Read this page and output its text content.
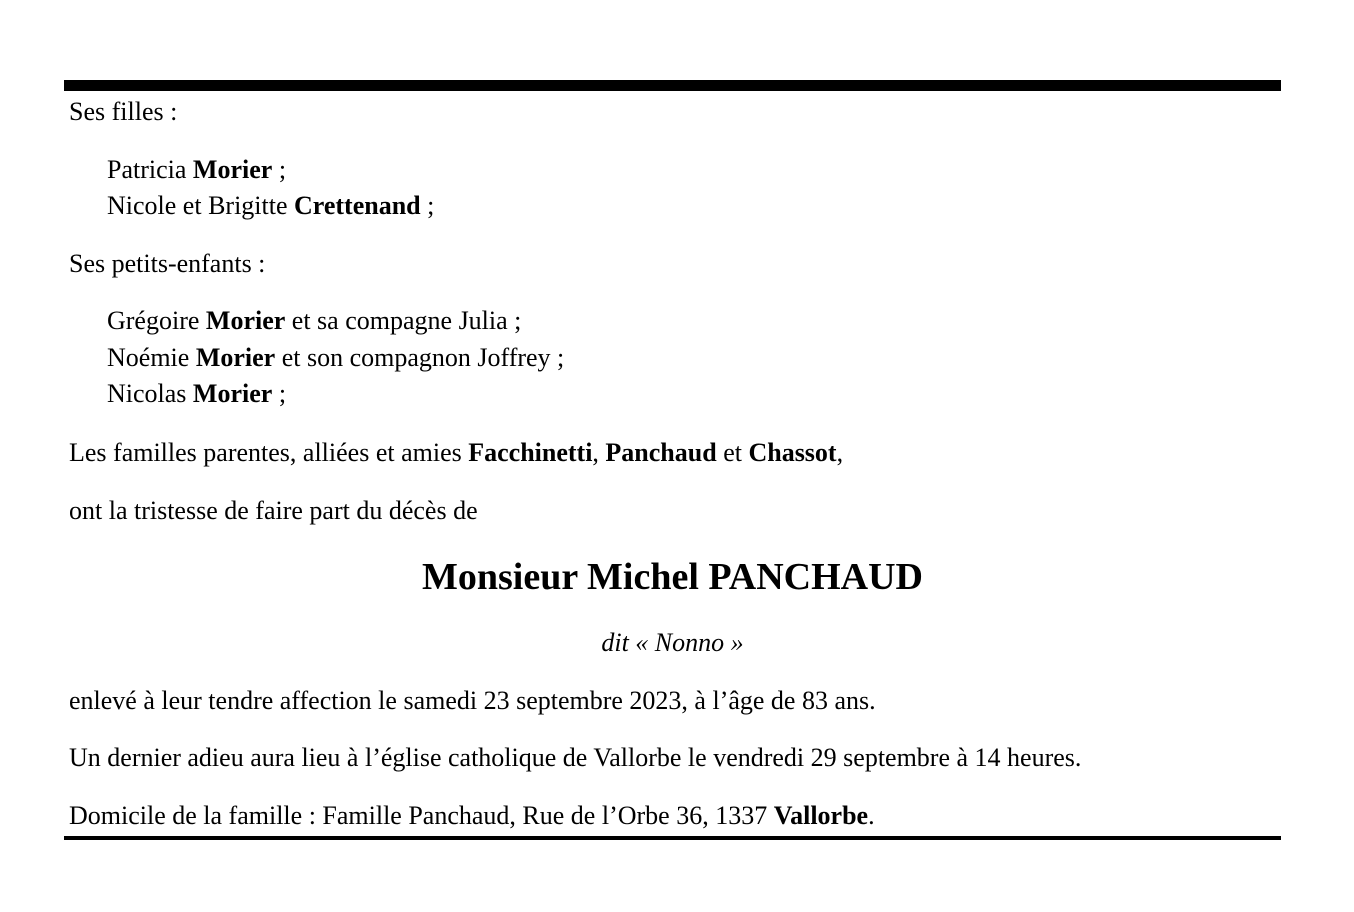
Ses filles :
Patricia Morier ;
Nicole et Brigitte Crettenand ;
Ses petits-enfants :
Grégoire Morier et sa compagne Julia ;
Noémie Morier et son compagnon Joffrey ;
Nicolas Morier ;
Les familles parentes, alliées et amies Facchinetti, Panchaud et Chassot,
ont la tristesse de faire part du décès de
Monsieur Michel PANCHAUD
dit « Nonno »
enlevé à leur tendre affection le samedi 23 septembre 2023, à l’âge de 83 ans.
Un dernier adieu aura lieu à l’église catholique de Vallorbe le vendredi 29 septembre à 14 heures.
Domicile de la famille : Famille Panchaud, Rue de l’Orbe 36, 1337 Vallorbe.
